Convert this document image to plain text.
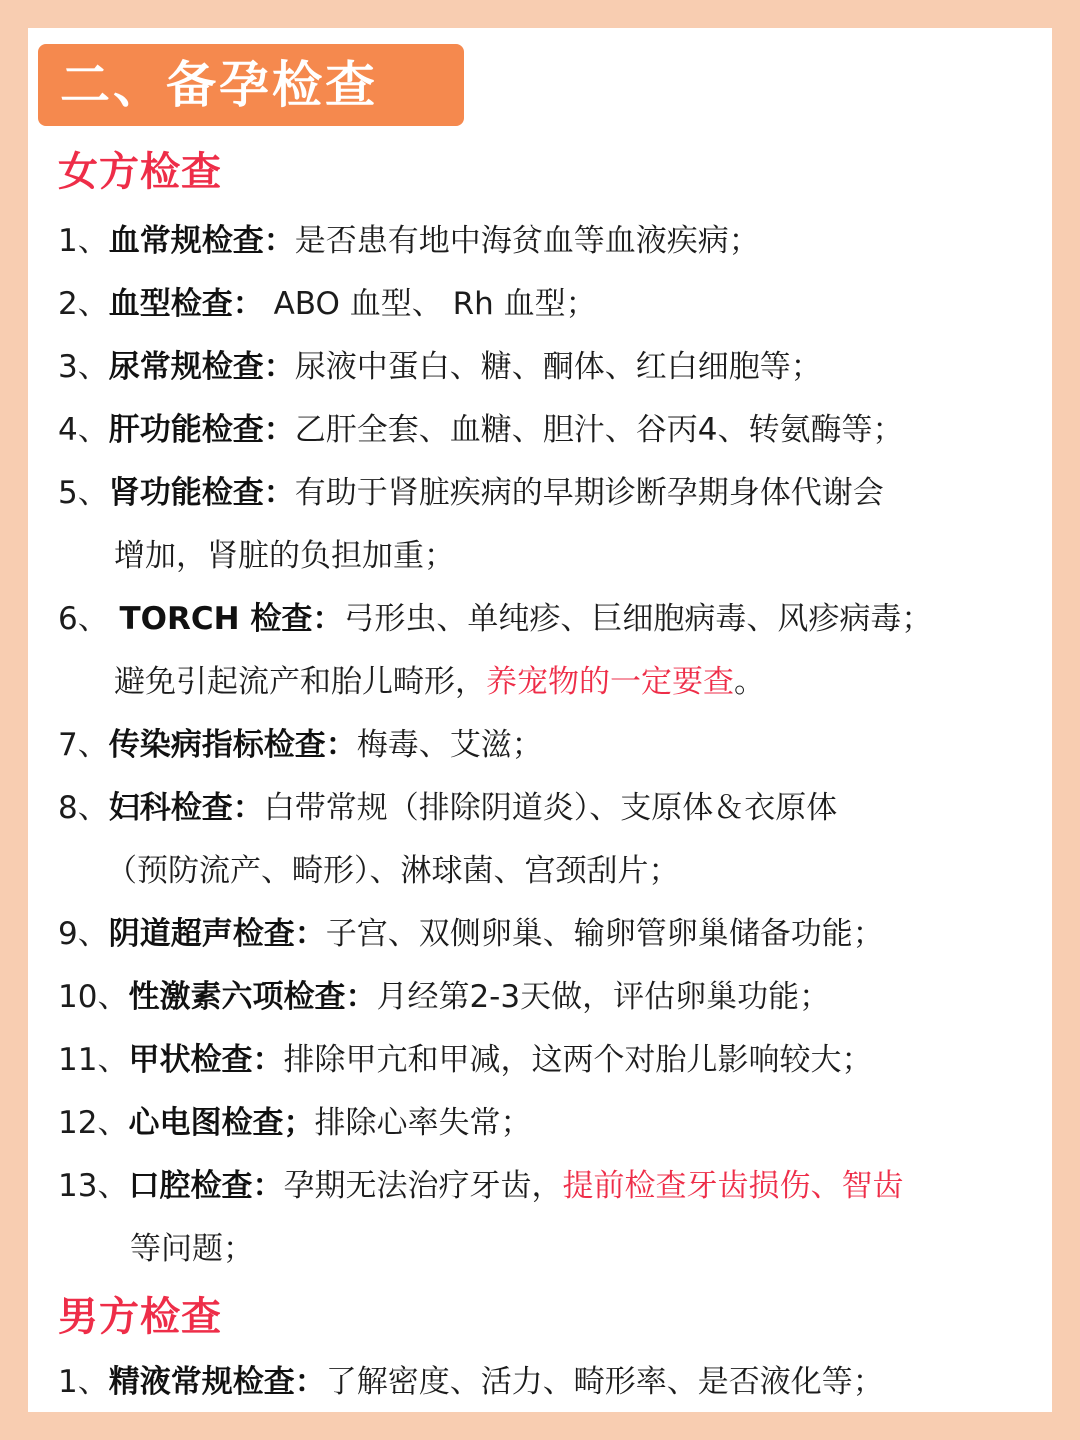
二、备孕检查
女方检查
1、血常规检查：是否患有地中海贫血等血液疾病；
2、血型检查： ABO 血型、 Rh 血型；
3、尿常规检查：尿液中蛋白、糖、酮体、红白细胞等；
4、肝功能检查：乙肝全套、血糖、胆汁、谷丙4、转氨酶等；
5、肾功能检查：有助于肾脏疾病的早期诊断孕期身体代谢会
增加，肾脏的负担加重；
6、 TORCH 检查：弓形虫、单纯疹、巨细胞病毒、风疹病毒；
避免引起流产和胎儿畸形，养宠物的一定要查。
7、传染病指标检查：梅毒、艾滋；
8、妇科检查：白带常规（排除阴道炎）、支原体＆衣原体
（预防流产、畸形）、淋球菌、宫颈刮片；
9、阴道超声检查：子宫、双侧卵巢、输卵管卵巢储备功能；
10、性激素六项检查：月经第2-3天做，评估卵巢功能；
11、甲状检查：排除甲亢和甲减，这两个对胎儿影响较大；
12、心电图检查；排除心率失常；
13、口腔检查：孕期无法治疗牙齿，提前检查牙齿损伤、智齿
等问题；
男方检查
1、精液常规检查：了解密度、活力、畸形率、是否液化等；
